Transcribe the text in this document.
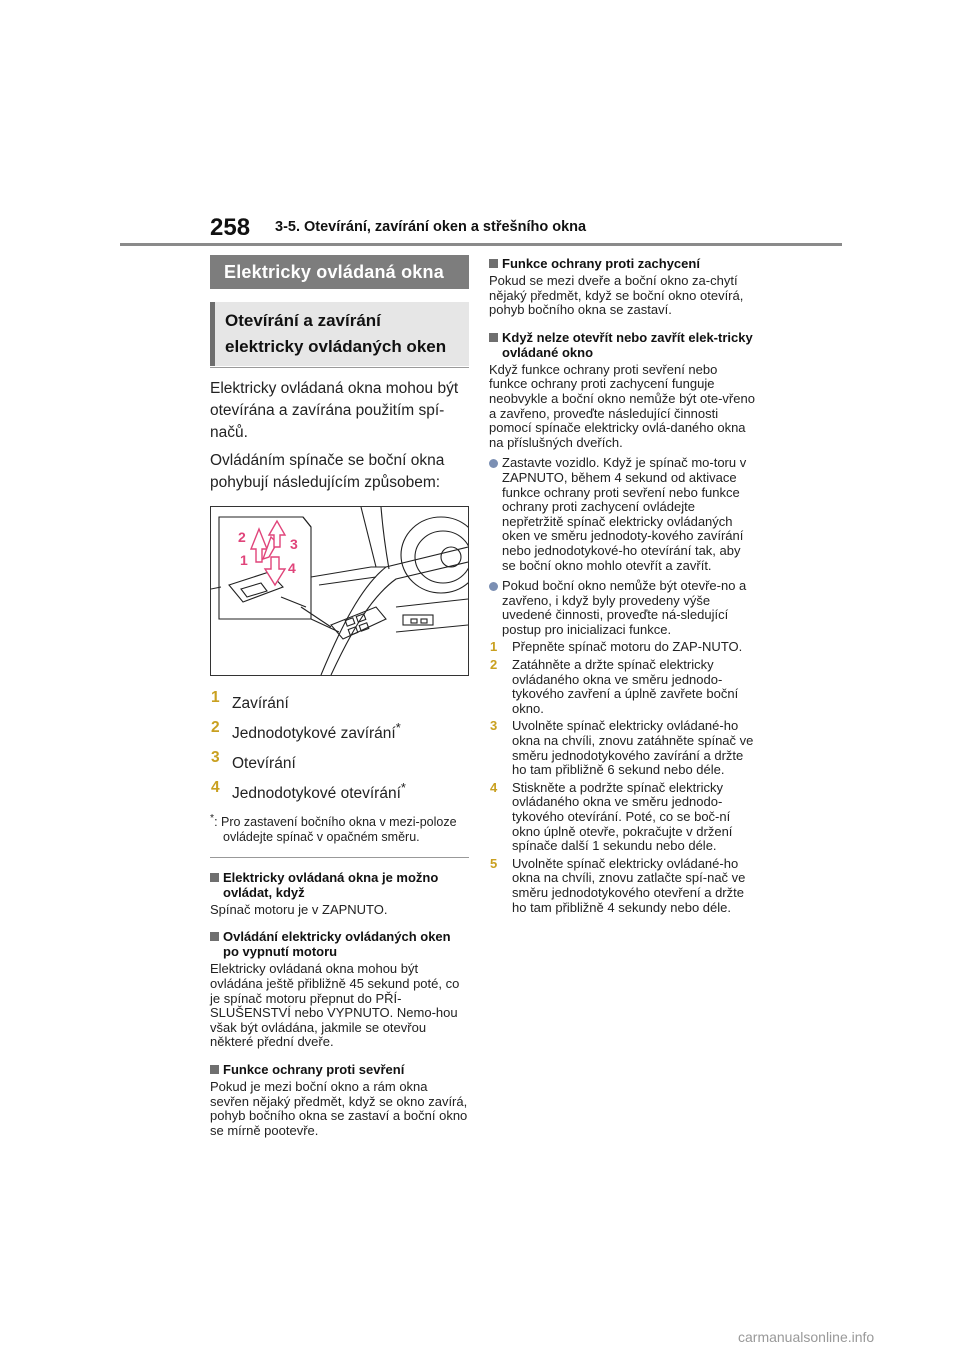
258 3-5. Otevírání, zavírání oken a střešního okna
Elektricky ovládaná okna
Otevírání a zavírání elektricky ovládaných oken
Elektricky ovládaná okna mohou být otevírána a zavírána použitím spí-načů.
Ovládáním spínače se boční okna pohybují následujícím způsobem:
2	3
1	4
1 Zavírání
2 Jednodotykové zavírání*
3 Otevírání
4 Jednodotykové otevírání*
*: Pro zastavení bočního okna v mezi-poloze ovládejte spínač v opačném směru.
Elektricky ovládaná okna je možno ovládat, když
Spínač motoru je v ZAPNUTO.
Ovládání elektricky ovládaných oken po vypnutí motoru
Elektricky ovládaná okna mohou být ovládána ještě přibližně 45 sekund poté, co je spínač motoru přepnut do PŘÍ-SLUŠENSTVÍ nebo VYPNUTO. Nemo-hou však být ovládána, jakmile se otevřou některé přední dveře.
Funkce ochrany proti sevření
Pokud je mezi boční okno a rám okna sevřen nějaký předmět, když se okno zavírá, pohyb bočního okna se zastaví a boční okno se mírně pootevře.
Funkce ochrany proti zachycení
Pokud se mezi dveře a boční okno za-chytí nějaký předmět, když se boční okno otevírá, pohyb bočního okna se zastaví.
Když nelze otevřít nebo zavřít elek-tricky ovládané okno
Když funkce ochrany proti sevření nebo funkce ochrany proti zachycení funguje neobvykle a boční okno nemůže být ote-vřeno a zavřeno, proveďte následující činnosti pomocí spínače elektricky ovlá-daného okna na příslušných dveřích.
Zastavte vozidlo. Když je spínač mo-toru v ZAPNUTO, během 4 sekund od aktivace funkce ochrany proti sevření nebo funkce ochrany proti zachycení ovládejte nepřetržitě spínač elektricky ovládaných oken ve směru jednodoty-kového zavírání nebo jednodotykové-ho otevírání tak, aby se boční okno mohlo otevřít a zavřít.
Pokud boční okno nemůže být otevře-no a zavřeno, i když byly provedeny výše uvedené činnosti, proveďte ná-sledující postup pro inicializaci funkce.
1 Přepněte spínač motoru do ZAP-NUTO.
2 Zatáhněte a držte spínač elektricky ovládaného okna ve směru jednodo-tykového zavření a úplně zavřete boční okno.
3 Uvolněte spínač elektricky ovládané-ho okna na chvíli, znovu zatáhněte spínač ve směru jednodotykového zavírání a držte ho tam přibližně 6 sekund nebo déle.
4 Stiskněte a podržte spínač elektricky ovládaného okna ve směru jednodo-tykového otevírání. Poté, co se boč-ní okno úplně otevře, pokračujte v držení spínače další 1 sekundu nebo déle.
5 Uvolněte spínač elektricky ovládané-ho okna na chvíli, znovu zatlačte spí-nač ve směru jednodotykového otevření a držte ho tam přibližně 4 sekundy nebo déle.
carmanualsonline.info
